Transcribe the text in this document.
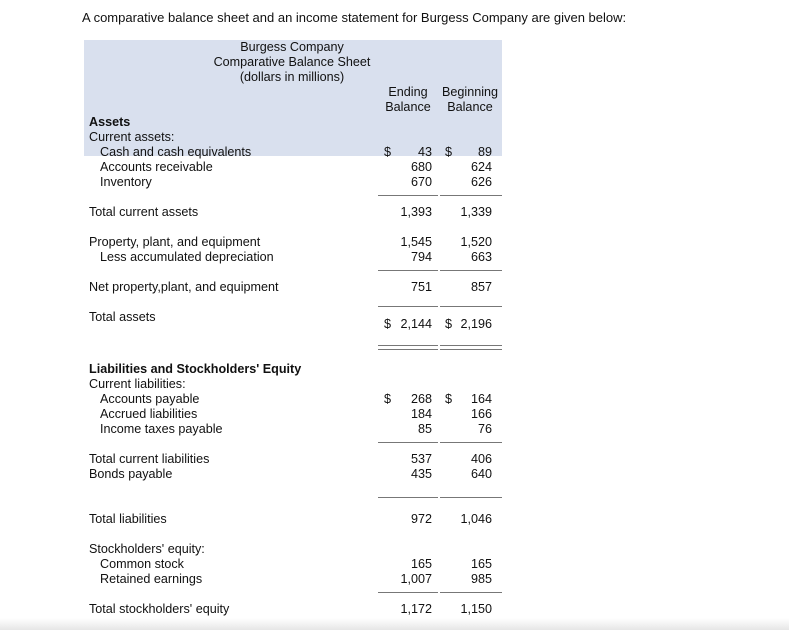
A comparative balance sheet and an income statement for Burgess Company are given below:
Burgess Company
Comparative Balance Sheet
(dollars in millions)
Ending
Balance
Beginning
Balance
Assets
Current assets:
Cash and cash equivalents	$ 43 $ 89
Accounts receivable	680	624
Inventory	670	626
Total current assets	1,393 1,339
Property, plant, and equipment	1,545 1,520
Less accumulated depreciation	794	663
Net property,plant, and equipment	751	857
Total assets	$ 2,144 $ 2,196
Liabilities and Stockholders' Equity
Current liabilities:
Accounts payable	$ 268 $ 164
Accrued liabilities	184	166
Income taxes payable	85	76
Total current liabilities	537	406
Bonds payable	435	640
Total liabilities	972 1,046
Stockholders' equity:
Common stock	165	165
Retained earnings	1,007	985
Total stockholders' equity	1,172 1,150
